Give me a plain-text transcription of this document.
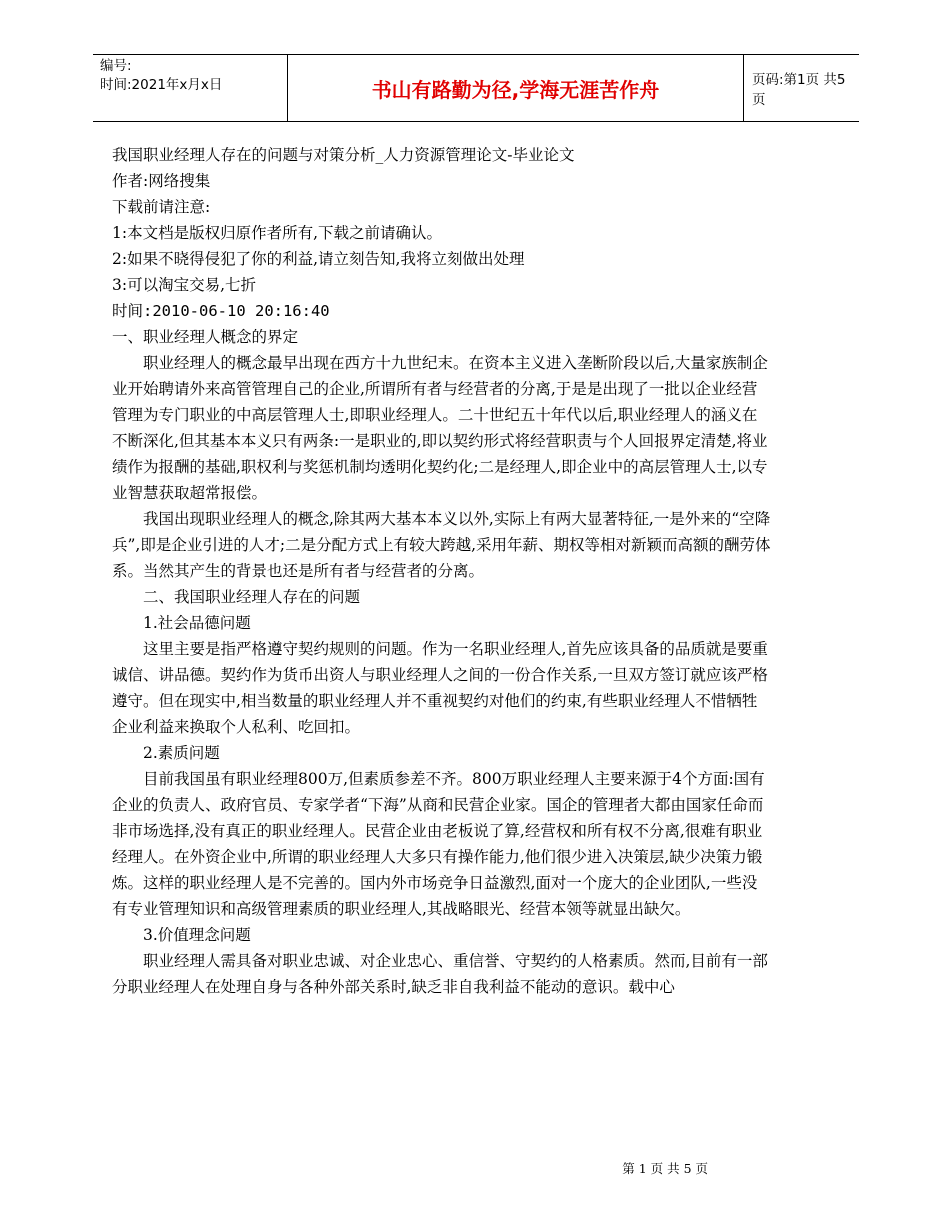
编号:
时间:2021年x月x日	书山有路勤为径,学海无涯苦作舟	页码:第1页 共5页

我国职业经理人存在的问题与对策分析_人力资源管理论文-毕业论文

作者:网络搜集

下载前请注意:

1:本文档是版权归原作者所有,下载之前请确认。

2:如果不晓得侵犯了你的利益,请立刻告知,我将立刻做出处理

3:可以淘宝交易,七折

时间:2010-06-10 20:16:40

一、职业经理人概念的界定

职业经理人的概念最早出现在西方十九世纪末。在资本主义进入垄断阶段以后,大量家族制企业开始聘请外来高管管理自己的企业,所谓所有者与经营者的分离,于是是出现了一批以企业经营管理为专门职业的中高层管理人士,即职业经理人。二十世纪五十年代以后,职业经理人的涵义在不断深化,但其基本本义只有两条:一是职业的,即以契约形式将经营职责与个人回报界定清楚,将业绩作为报酬的基础,职权利与奖惩机制均透明化契约化;二是经理人,即企业中的高层管理人士,以专业智慧获取超常报偿。

我国出现职业经理人的概念,除其两大基本本义以外,实际上有两大显著特征,一是外来的“空降兵”,即是企业引进的人才;二是分配方式上有较大跨越,采用年薪、期权等相对新颖而高额的酬劳体系。当然其产生的背景也还是所有者与经营者的分离。

二、我国职业经理人存在的问题

1.社会品德问题

这里主要是指严格遵守契约规则的问题。作为一名职业经理人,首先应该具备的品质就是要重诚信、讲品德。契约作为货币出资人与职业经理人之间的一份合作关系,一旦双方签订就应该严格遵守。但在现实中,相当数量的职业经理人并不重视契约对他们的约束,有些职业经理人不惜牺牲企业利益来换取个人私利、吃回扣。

2.素质问题

目前我国虽有职业经理800万,但素质参差不齐。800万职业经理人主要来源于4个方面:国有企业的负责人、政府官员、专家学者“下海”从商和民营企业家。国企的管理者大都由国家任命而非市场选择,没有真正的职业经理人。民营企业由老板说了算,经营权和所有权不分离,很难有职业经理人。在外资企业中,所谓的职业经理人大多只有操作能力,他们很少进入决策层,缺少决策力锻炼。这样的职业经理人是不完善的。国内外市场竞争日益激烈,面对一个庞大的企业团队,一些没有专业管理知识和高级管理素质的职业经理人,其战略眼光、经营本领等就显出缺欠。

3.价值理念问题

职业经理人需具备对职业忠诚、对企业忠心、重信誉、守契约的人格素质。然而,目前有一部分职业经理人在处理自身与各种外部关系时,缺乏非自我利益不能动的意识。载中心

第 1 页 共 5 页
